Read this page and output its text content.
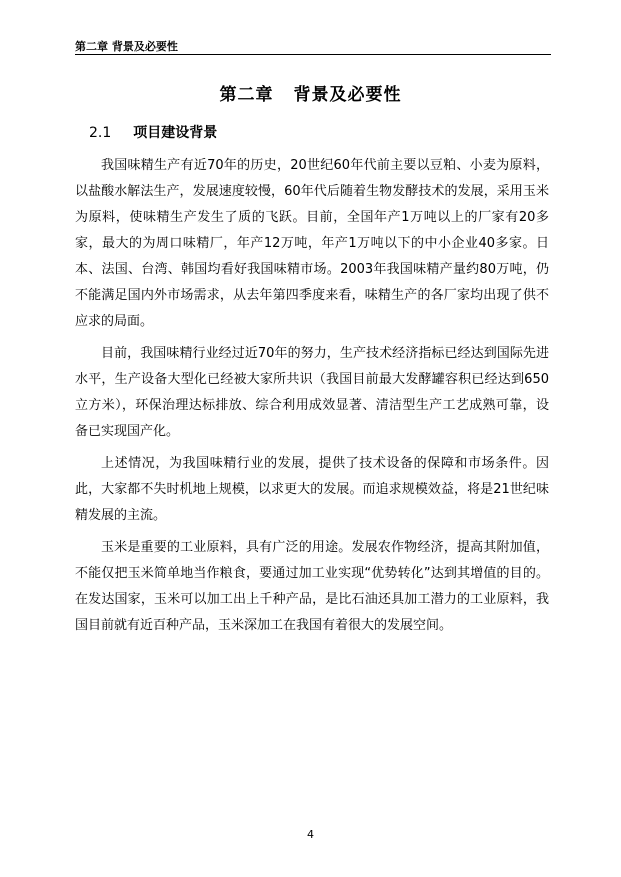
第二章 背景及必要性
第二章 背景及必要性
2.1 项目建设背景

我国味精生产有近70年的历史，20世纪60年代前主要以豆粕、小麦为原料，以盐酸水解法生产，发展速度较慢，60年代后随着生物发酵技术的发展，采用玉米为原料，使味精生产发生了质的飞跃。目前，全国年产1万吨以上的厂家有20多家，最大的为周口味精厂，年产12万吨，年产1万吨以下的中小企业40多家。日本、法国、台湾、韩国均看好我国味精市场。2003年我国味精产量约80万吨，仍不能满足国内外市场需求，从去年第四季度来看，味精生产的各厂家均出现了供不应求的局面。

目前，我国味精行业经过近70年的努力，生产技术经济指标已经达到国际先进水平，生产设备大型化已经被大家所共识（我国目前最大发酵罐容积已经达到650立方米），环保治理达标排放、综合利用成效显著、清洁型生产工艺成熟可靠，设备已实现国产化。

上述情况，为我国味精行业的发展，提供了技术设备的保障和市场条件。因此，大家都不失时机地上规模，以求更大的发展。而追求规模效益，将是21世纪味精发展的主流。

玉米是重要的工业原料，具有广泛的用途。发展农作物经济，提高其附加值，不能仅把玉米简单地当作粮食，要通过加工业实现“优势转化”达到其增值的目的。在发达国家，玉米可以加工出上千种产品，是比石油还具加工潜力的工业原料，我国目前就有近百种产品，玉米深加工在我国有着很大的发展空间。

4
